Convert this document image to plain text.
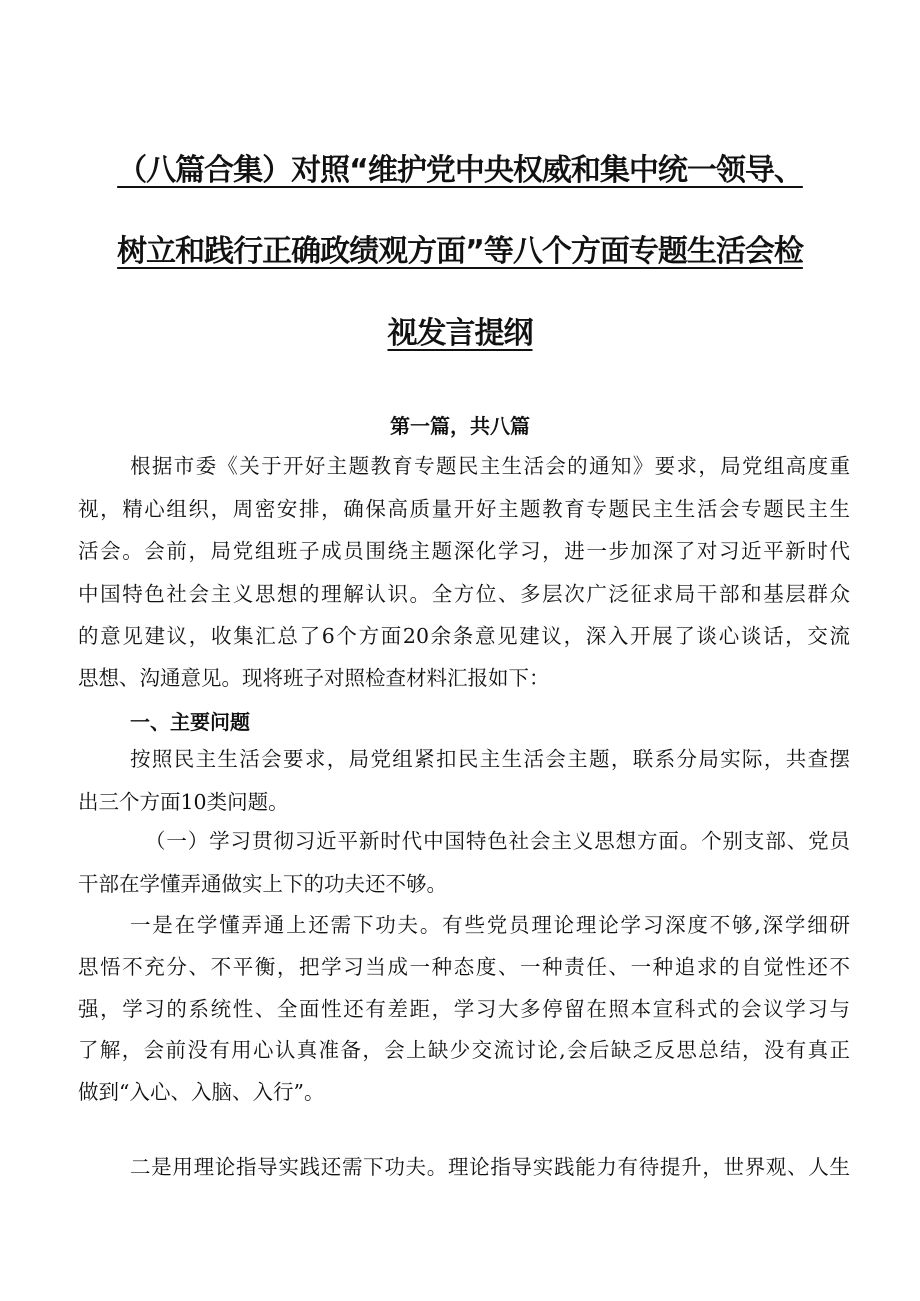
（八篇合集）对照“维护党中央权威和集中统一领导、
树立和践行正确政绩观方面”等八个方面专题生活会检
视发言提纲
第一篇，共八篇
根据市委《关于开好主题教育专题民主生活会的通知》要求，局党组高度重
视，精心组织，周密安排，确保高质量开好主题教育专题民主生活会专题民主生
活会。会前，局党组班子成员围绕主题深化学习，进一步加深了对习近平新时代
中国特色社会主义思想的理解认识。全方位、多层次广泛征求局干部和基层群众
的意见建议，收集汇总了6个方面20余条意见建议，深入开展了谈心谈话，交流
思想、沟通意见。现将班子对照检查材料汇报如下：
一、主要问题
按照民主生活会要求，局党组紧扣民主生活会主题，联系分局实际，共查摆
出三个方面10类问题。
（一）学习贯彻习近平新时代中国特色社会主义思想方面。个别支部、党员
干部在学懂弄通做实上下的功夫还不够。
一是在学懂弄通上还需下功夫。有些党员理论理论学习深度不够,深学细研
思悟不充分、不平衡，把学习当成一种态度、一种责任、一种追求的自觉性还不
强，学习的系统性、全面性还有差距，学习大多停留在照本宣科式的会议学习与
了解，会前没有用心认真准备，会上缺少交流讨论,会后缺乏反思总结，没有真正
做到“入心、入脑、入行”。
二是用理论指导实践还需下功夫。理论指导实践能力有待提升，世界观、人生
